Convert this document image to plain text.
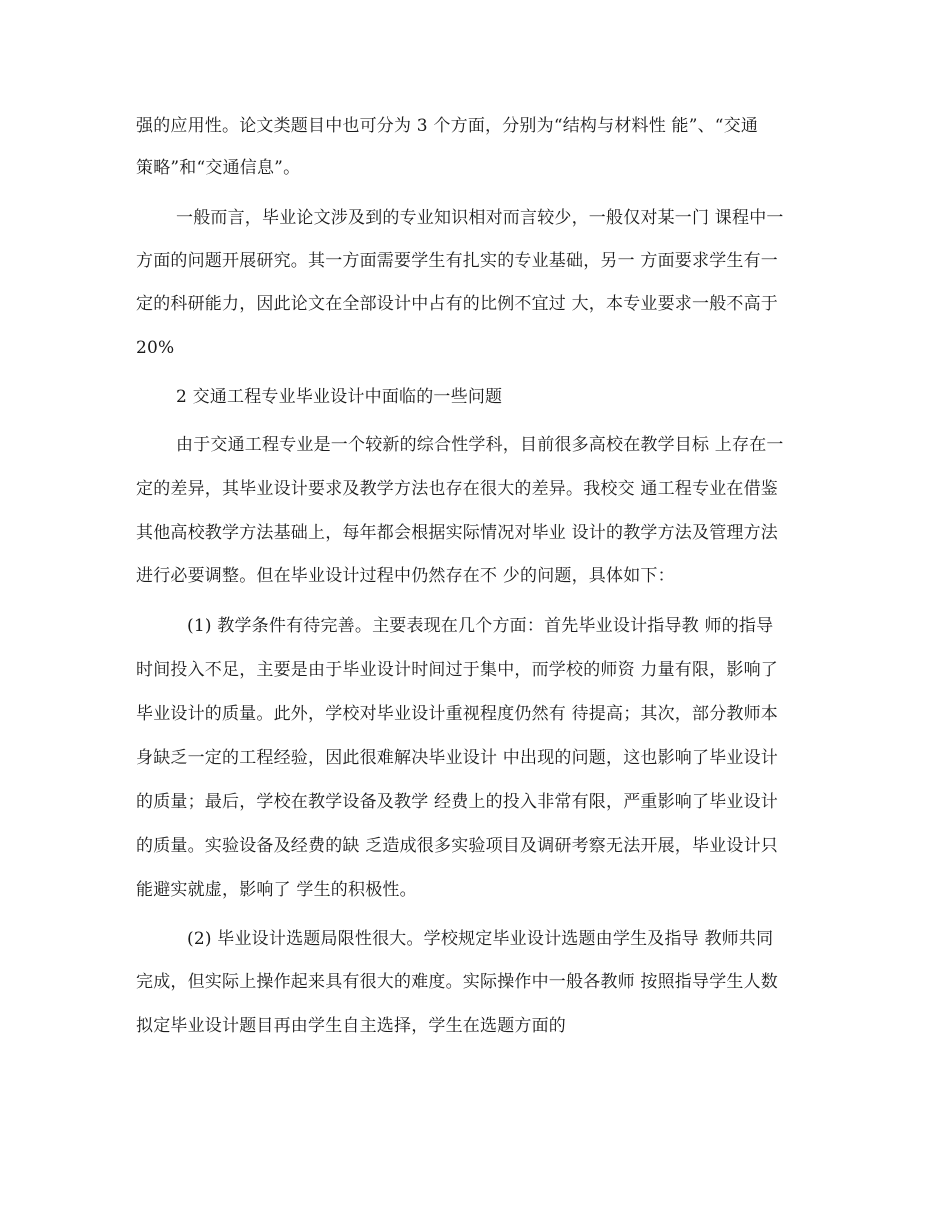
强的应用性。论文类题目中也可分为 3 个方面，分别为“结构与材料性 能”、“交通
策略”和“交通信息”。
一般而言，毕业论文涉及到的专业知识相对而言较少，一般仅对某一门 课程中一
方面的问题开展研究。其一方面需要学生有扎实的专业基础，另一 方面要求学生有一
定的科研能力，因此论文在全部设计中占有的比例不宜过 大，本专业要求一般不高于
20%
2 交通工程专业毕业设计中面临的一些问题
由于交通工程专业是一个较新的综合性学科，目前很多高校在教学目标 上存在一
定的差异，其毕业设计要求及教学方法也存在很大的差异。我校交 通工程专业在借鉴
其他高校教学方法基础上，每年都会根据实际情况对毕业 设计的教学方法及管理方法
进行必要调整。但在毕业设计过程中仍然存在不 少的问题，具体如下：
(1) 教学条件有待完善。主要表现在几个方面：首先毕业设计指导教 师的指导
时间投入不足，主要是由于毕业设计时间过于集中，而学校的师资 力量有限，影响了
毕业设计的质量。此外，学校对毕业设计重视程度仍然有 待提高；其次，部分教师本
身缺乏一定的工程经验，因此很难解决毕业设计 中出现的问题，这也影响了毕业设计
的质量；最后，学校在教学设备及教学 经费上的投入非常有限，严重影响了毕业设计
的质量。实验设备及经费的缺 乏造成很多实验项目及调研考察无法开展，毕业设计只
能避实就虚，影响了 学生的积极性。
(2) 毕业设计选题局限性很大。学校规定毕业设计选题由学生及指导 教师共同
完成，但实际上操作起来具有很大的难度。实际操作中一般各教师 按照指导学生人数
拟定毕业设计题目再由学生自主选择，学生在选题方面的
